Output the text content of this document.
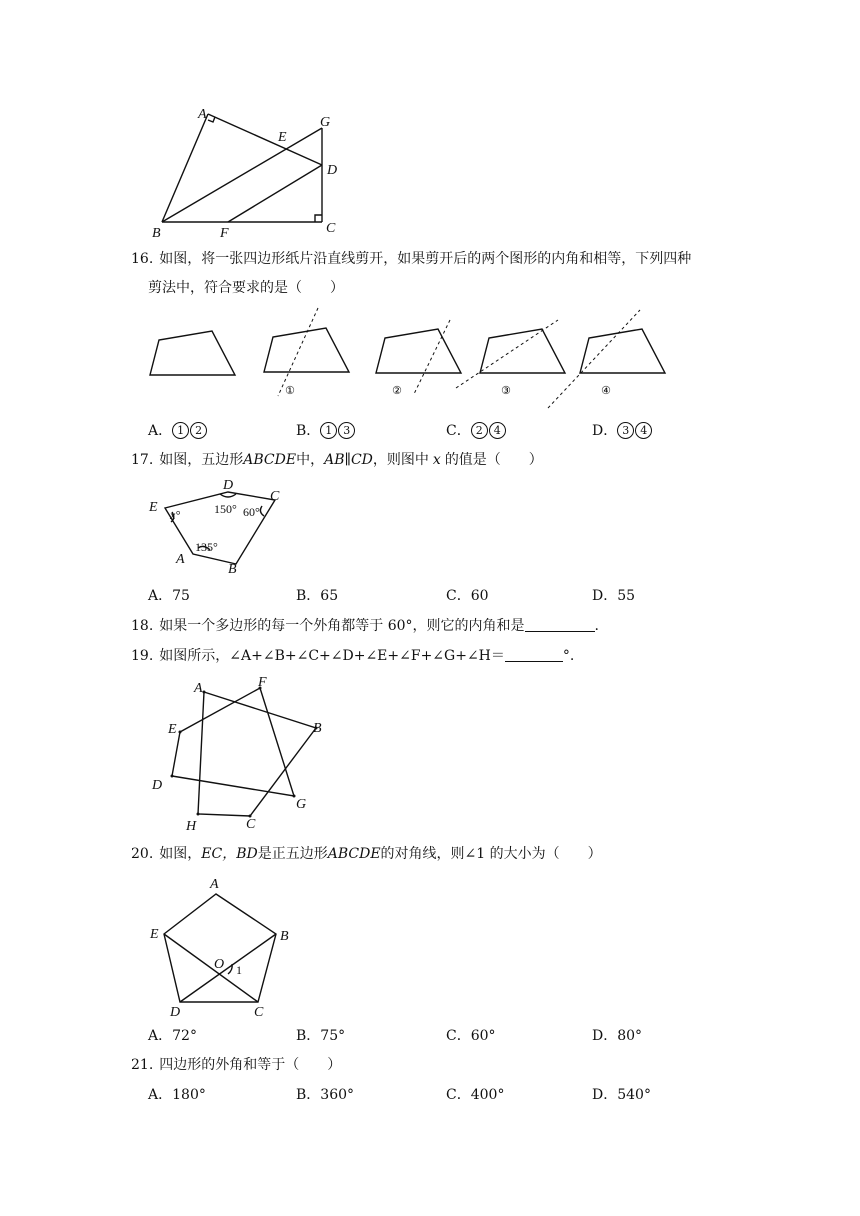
A
E
G
D
B	F	C
16. 如图，将一张四边形纸片沿直线剪开，如果剪开后的两个图形的内角和相等，下列四种
剪法中，符合要求的是（　　）
①	②	③	④
A． 1 2	B． 1 3	C． 2 4	D． 3 4
17. 如图，五边形ABCDE中，AB∥CD，则图中 x 的值是（　　）
D
C
E
A
B
x°	150° 60°
135°
A．75	B．65	C．60	D．55
18. 如果一个多边形的每一个外角都等于 60°，则它的内角和是	.
19. 如图所示，∠A+∠B+∠C+∠D+∠E+∠F+∠G+∠H＝	°.
A	F
E	B
D
G
H	C
20. 如图，EC，BD是正五边形ABCDE的对角线，则∠1 的大小为（　　）
A
E	B
O 1
D	C
A．72°	B．75°	C．60°	D．80°
21. 四边形的外角和等于（　　）
A．180°	B．360°	C．400°	D．540°
